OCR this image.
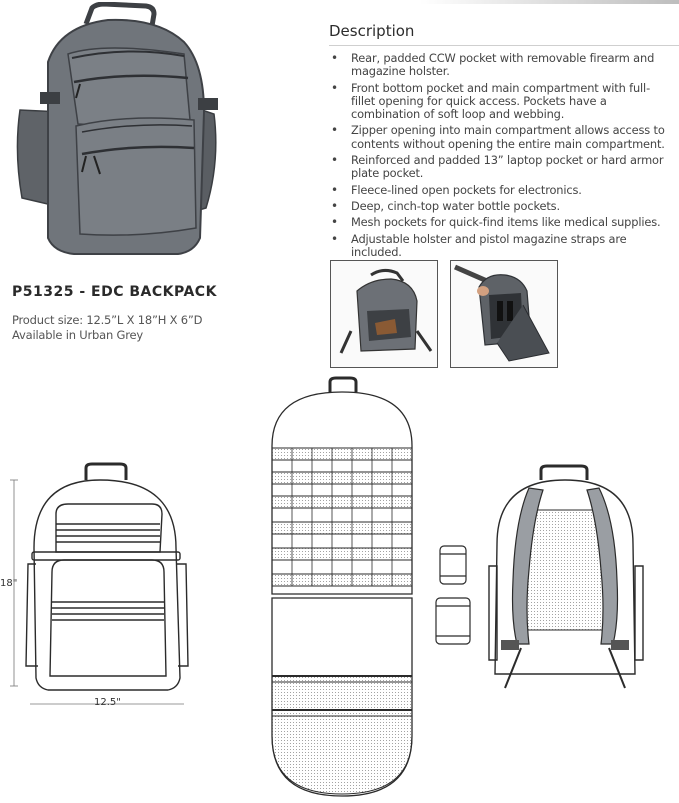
Description
• Rear, padded CCW pocket with removable firearm and magazine holster.
• Front bottom pocket and main compartment with full-fillet opening for quick access. Pockets have a combination of soft loop and webbing.
• Zipper opening into main compartment allows access to contents without opening the entire main compartment.
• Reinforced and padded 13” laptop pocket or hard armor plate pocket.
• Fleece-lined open pockets for electronics.
• Deep, cinch-top water bottle pockets.
• Mesh pockets for quick-find items like medical supplies.
• Adjustable holster and pistol magazine straps are included.
P51325 - EDC BACKPACK
Product size: 12.5”L X 18”H X 6”D
Available in Urban Grey
18"
12.5"
